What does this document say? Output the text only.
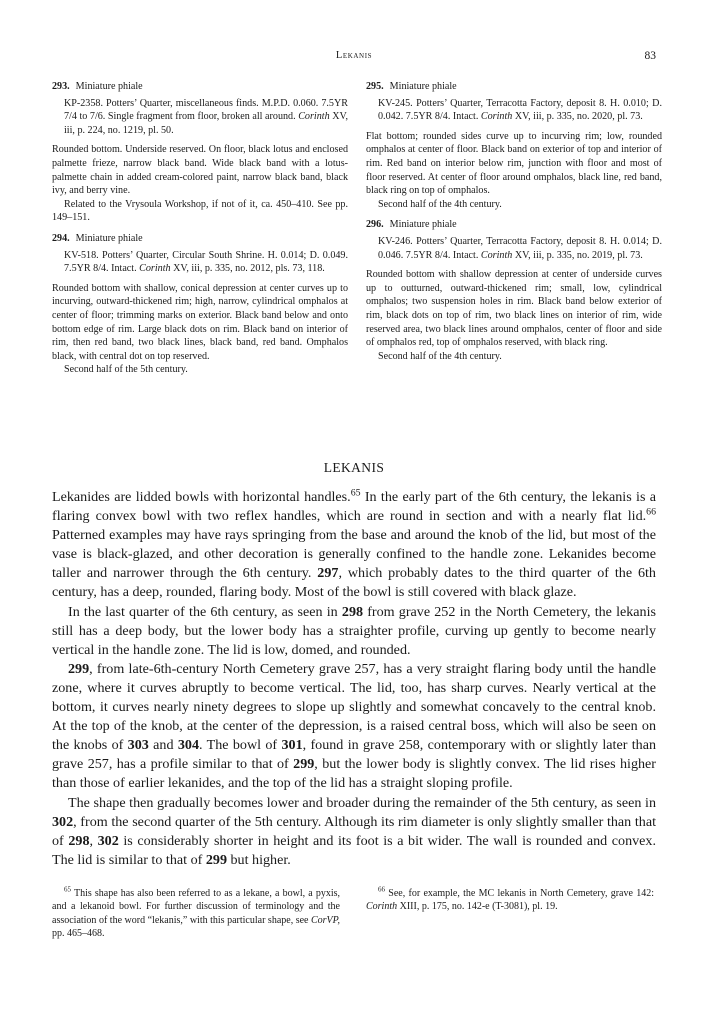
Lekanis	83

293. Miniature phiale

KP-2358. Potters’ Quarter, miscellaneous finds. M.P.D. 0.060. 7.5YR 7/4 to 7/6. Single fragment from floor, broken all around. Corinth XV, iii, p. 224, no. 1219, pl. 50.

Rounded bottom. Underside reserved. On floor, black lotus and enclosed palmette frieze, narrow black band. Wide black band with a lotus-palmette chain in added cream-colored paint, narrow black band, black ivy, and berry vine.

Related to the Vrysoula Workshop, if not of it, ca. 450–410. See pp. 149–151.

294. Miniature phiale

KV-518. Potters’ Quarter, Circular South Shrine. H. 0.014; D. 0.049. 7.5YR 8/4. Intact. Corinth XV, iii, p. 335, no. 2012, pls. 73, 118.

Rounded bottom with shallow, conical depression at center curves up to incurving, outward-thickened rim; high, narrow, cylindrical omphalos at center of floor; trimming marks on exterior. Black band below and onto bottom edge of rim. Large black dots on rim. Black band on interior of rim, then red band, two black lines, black band, red band. Omphalos black, with central dot on top reserved.

Second half of the 5th century.

295. Miniature phiale

KV-245. Potters’ Quarter, Terracotta Factory, deposit 8. H. 0.010; D. 0.042. 7.5YR 8/4. Intact. Corinth XV, iii, p. 335, no. 2020, pl. 73.

Flat bottom; rounded sides curve up to incurving rim; low, rounded omphalos at center of floor. Black band on exterior of top and interior of rim. Red band on interior below rim, junction with floor and most of floor reserved. At center of floor around omphalos, black line, red band, black ring on top of omphalos.

Second half of the 4th century.

296. Miniature phiale

KV-246. Potters’ Quarter, Terracotta Factory, deposit 8. H. 0.014; D. 0.046. 7.5YR 8/4. Intact. Corinth XV, iii, p. 335, no. 2019, pl. 73.

Rounded bottom with shallow depression at center of underside curves up to outturned, outward-thickened rim; small, low, cylindrical omphalos; two suspension holes in rim. Black band below exterior of rim, black dots on top of rim, two black lines on interior of rim, wide reserved area, two black lines around omphalos, center of floor and side of omphalos red, top of omphalos reserved, with black ring.

Second half of the 4th century.

LEKANIS

Lekanides are lidded bowls with horizontal handles.$^{65}$ In the early part of the 6th century, the lekanis is a flaring convex bowl with two reflex handles, which are round in section and with a nearly flat lid.$^{66}$ Patterned examples may have rays springing from the base and around the knob of the lid, but most of the vase is black-glazed, and other decoration is generally confined to the handle zone. Lekanides become taller and narrower through the 6th century. 297, which probably dates to the third quarter of the 6th century, has a deep, rounded, flaring body. Most of the bowl is still covered with black glaze.

In the last quarter of the 6th century, as seen in 298 from grave 252 in the North Cemetery, the lekanis still has a deep body, but the lower body has a straighter profile, curving up gently to become nearly vertical in the handle zone. The lid is low, domed, and rounded.

299, from late-6th-century North Cemetery grave 257, has a very straight flaring body until the handle zone, where it curves abruptly to become vertical. The lid, too, has sharp curves. Nearly vertical at the bottom, it curves nearly ninety degrees to slope up slightly and somewhat concavely to the central knob. At the top of the knob, at the center of the depression, is a raised central boss, which will also be seen on the knobs of 303 and 304. The bowl of 301, found in grave 258, contemporary with or slightly later than grave 257, has a profile similar to that of 299, but the lower body is slightly convex. The lid rises higher than those of earlier lekanides, and the top of the lid has a straight sloping profile.

The shape then gradually becomes lower and broader during the remainder of the 5th century, as seen in 302, from the second quarter of the 5th century. Although its rim diameter is only slightly smaller than that of 298, 302 is considerably shorter in height and its foot is a bit wider. The wall is rounded and convex. The lid is similar to that of 299 but higher.

$^{65}$ This shape has also been referred to as a lekane, a bowl, a pyxis, and a lekanoid bowl. For further discussion of terminology and the association of the word “lekanis,” with this particular shape, see CorVP, pp. 465–468.
$^{66}$ See, for example, the MC lekanis in North Cemetery, grave 142: Corinth XIII, p. 175, no. 142-e (T-3081), pl. 19.
